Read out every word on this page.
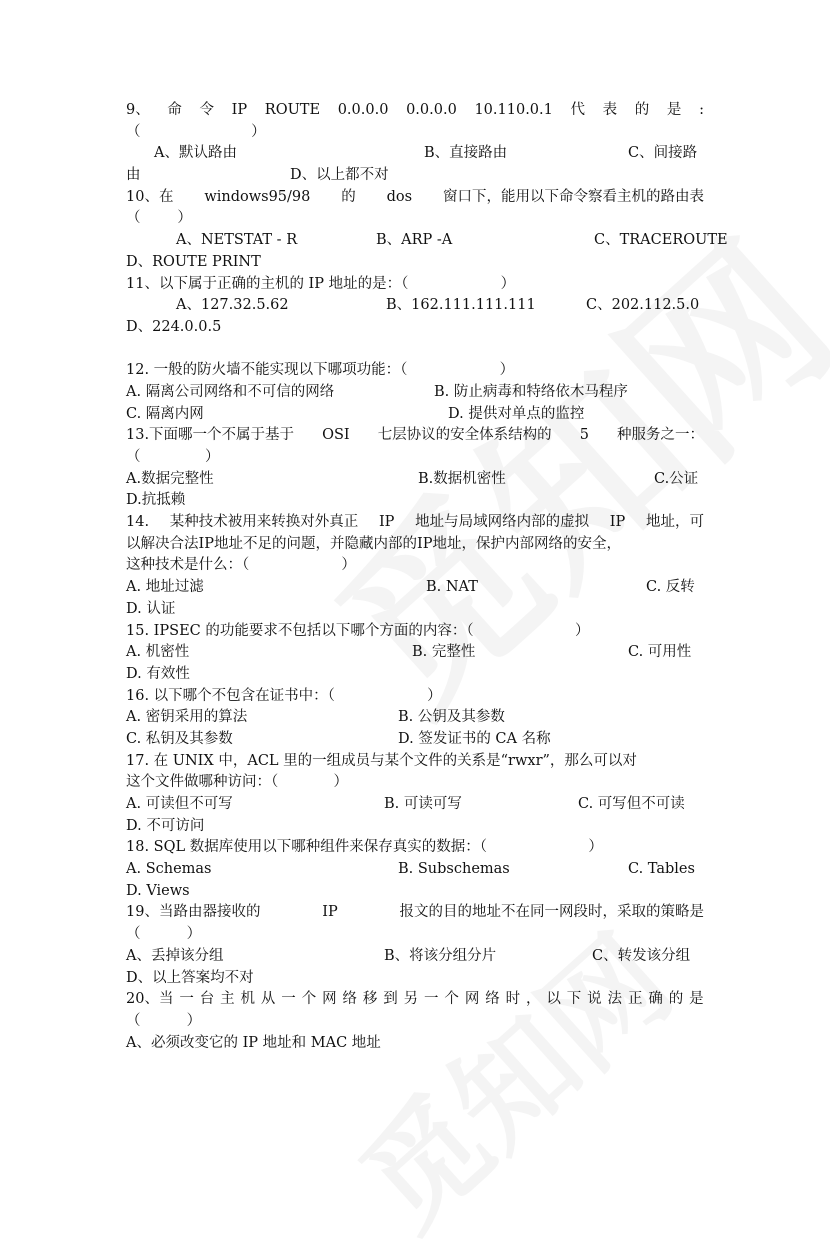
9、 命 令 IP ROUTE 0.0.0.0 0.0.0.0 10.110.0.1 代 表 的 是 :
（                        ）
A、默认路由	B、直接路由	C、间接路
由	D、以上都不对
10、在 windows95/98 的 dos 窗口下，能用以下命令察看主机的路由表
（        ）
A、NETSTAT - R	B、ARP -A	C、TRACEROUTE
D、ROUTE PRINT
11、以下属于正确的主机的 IP 地址的是：（                    ）
A、127.32.5.62	B、162.111.111.111	C、202.112.5.0
D、224.0.0.5
12. 一般的防火墙不能实现以下哪项功能：（                    ）
A. 隔离公司网络和不可信的网络	B. 防止病毒和特络依木马程序
C. 隔离内网	D. 提供对单点的监控
13.下面哪一个不属于基于 OSI 七层协议的安全体系结构的 5 种服务之一：
（              ）
A.数据完整性	B.数据机密性	C.公证
D.抗抵赖
14. 某种技术被用来转换对外真正 IP 地址与局域网络内部的虚拟 IP 地址，可
以解决合法IP地址不足的问题，并隐藏内部的IP地址，保护内部网络的安全，
这种技术是什么：（                    ）
A. 地址过滤	B. NAT	C. 反转
D. 认证
15. IPSEC 的功能要求不包括以下哪个方面的内容：（                      ）
A. 机密性	B. 完整性	C. 可用性
D. 有效性
16. 以下哪个不包含在证书中：（                    ）
A. 密钥采用的算法	B. 公钥及其参数
C. 私钥及其参数	D. 签发证书的 CA 名称
17. 在 UNIX 中，ACL 里的一组成员与某个文件的关系是“rwxr”，那么可以对
这个文件做哪种访问：（            ）
A. 可读但不可写	B. 可读可写	C. 可写但不可读
D. 不可访问
18. SQL 数据库使用以下哪种组件来保存真实的数据：（                      ）
A. Schemas	B. Subschemas	C. Tables
D. Views
19、当路由器接收的	IP	报文的目的地址不在同一网段时，采取的策略是
（          ）
A、丢掉该分组	B、将该分组分片	C、转发该分组
D、以上答案均不对
20、当 一 台 主 机 从 一 个 网 络 移 到 另 一 个 网 络 时 ， 以 下 说 法 正 确 的 是
（          ）
A、必须改变它的 IP 地址和 MAC 地址
